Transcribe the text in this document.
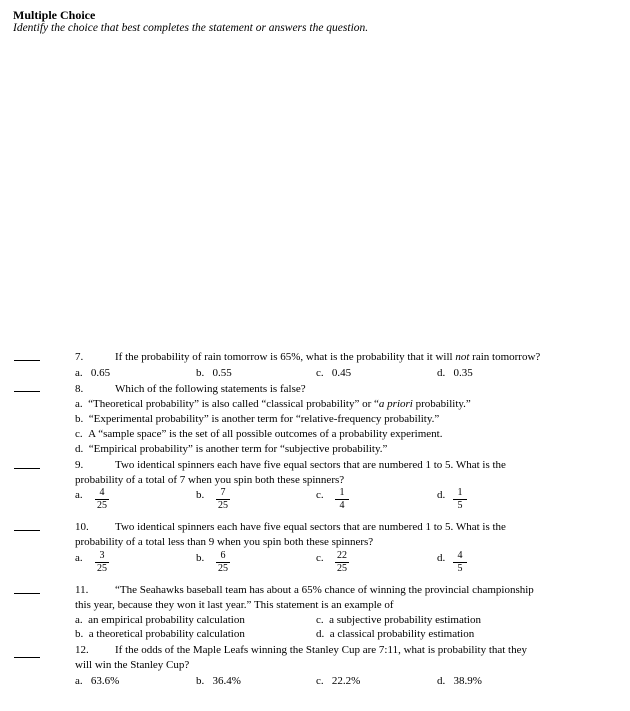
Multiple Choice
Identify the choice that best completes the statement or answers the question.
7.	If the probability of rain tomorrow is 65%, what is the probability that it will not rain tomorrow?
a. 0.65	b. 0.55	c. 0.45	d. 0.35
8.	Which of the following statements is false?
a. “Theoretical probability” is also called “classical probability” or “a priori probability.”
b. “Experimental probability” is another term for “relative-frequency probability.”
c. A “sample space” is the set of all possible outcomes of a probability experiment.
d. “Empirical probability” is another term for “subjective probability.”
9.	Two identical spinners each have five equal sectors that are numbered 1 to 5. What is the
probability of a total of 7 when you spin both these spinners?
a.	4
25
b.	7
25
c.	1
4
d.	1
5
10. Two identical spinners each have five equal sectors that are numbered 1 to 5. What is the
probability of a total less than 9 when you spin both these spinners?
a.	3
25
b.	6
25
c. 22
25
d.	4
5
11. “The Seahawks baseball team has about a 65% chance of winning the provincial championship
this year, because they won it last year.” This statement is an example of
a. an empirical probability calculation	c. a subjective probability estimation
b. a theoretical probability calculation	d. a classical probability estimation
12. If the odds of the Maple Leafs winning the Stanley Cup are 7:11, what is probability that they
will win the Stanley Cup?
a. 63.6%	b. 36.4%	c. 22.2%	d. 38.9%
